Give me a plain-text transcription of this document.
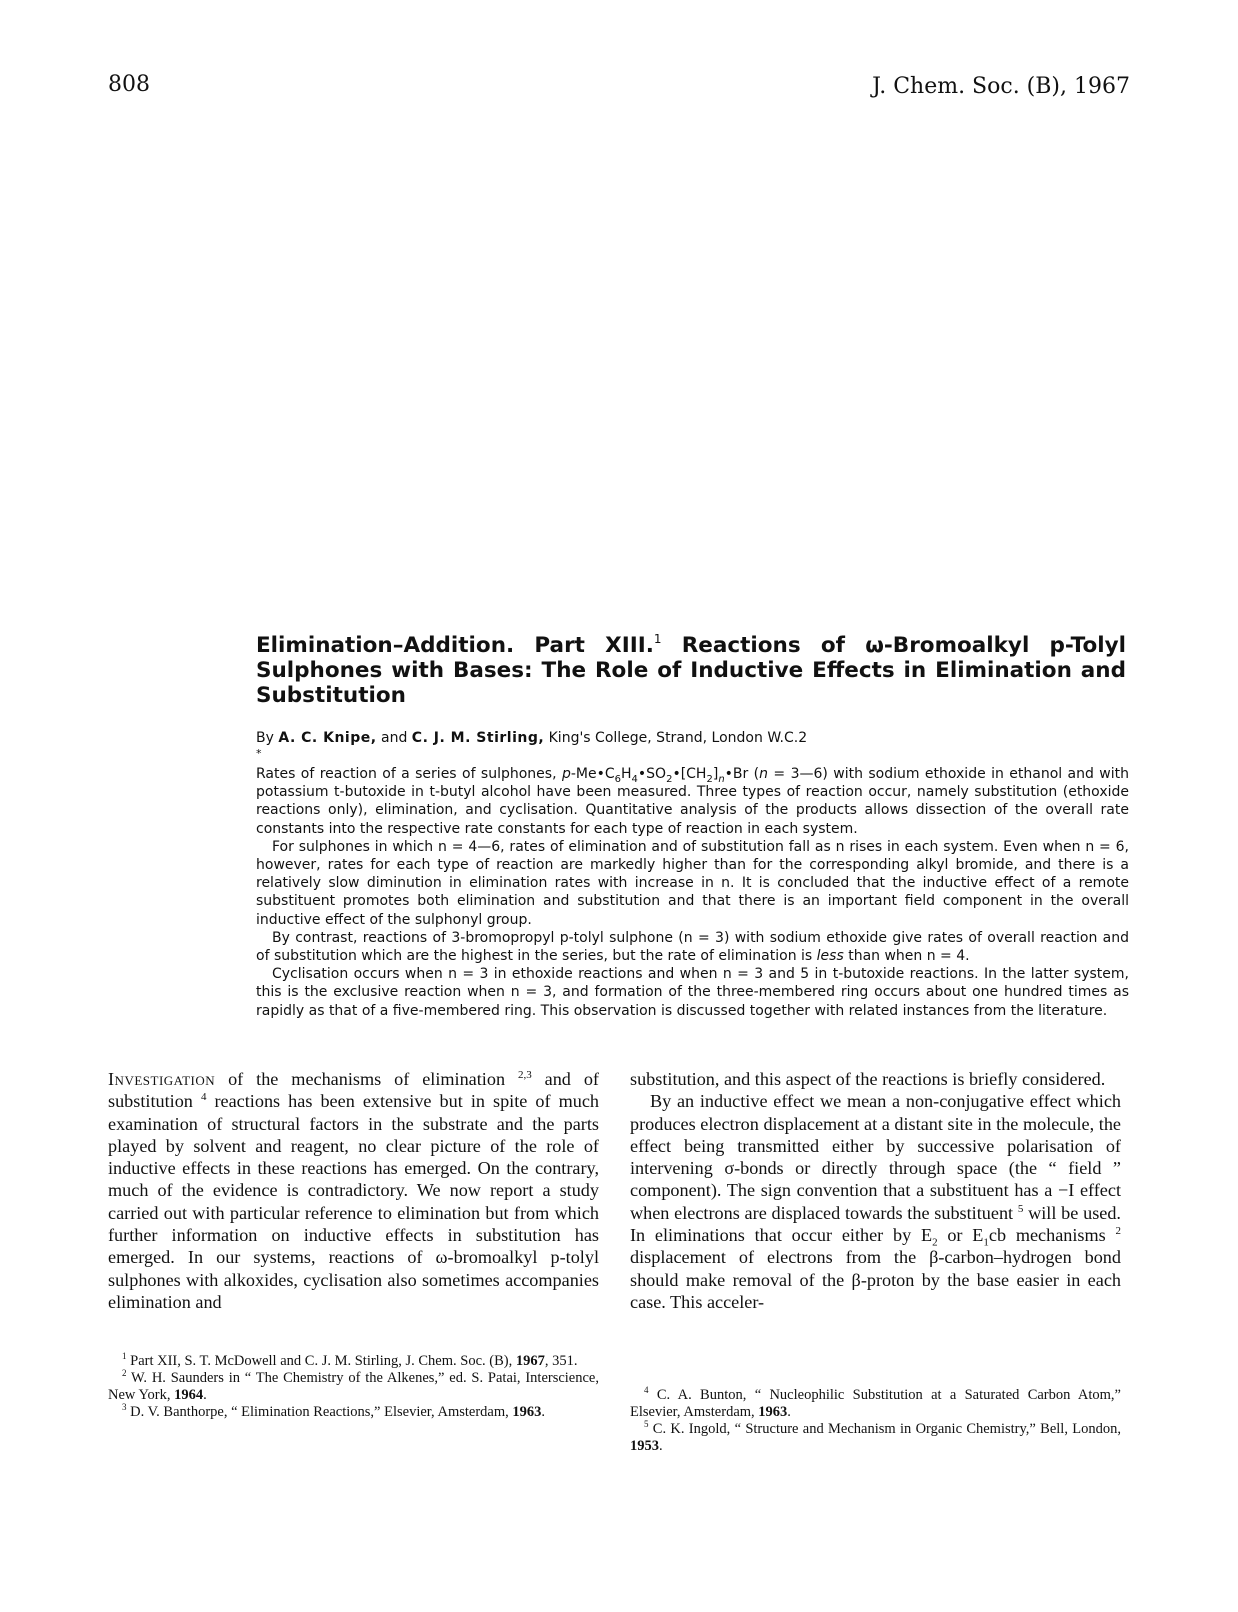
808	J. Chem. Soc. (B), 1967
Elimination–Addition. Part XIII.$^1$ Reactions of ω-Bromoalkyl p-Tolyl Sulphones with Bases: The Role of Inductive Effects in Elimination and Substitution
By A. C. Knipe, and C. J. M. Stirling, King's College, Strand, London W.C.2
*

Rates of reaction of a series of sulphones, $p-Me•C_6H_4•SO_2•[CH_2]_n•Br$ (n = 3—6) with sodium ethoxide in ethanol and with potassium t-butoxide in t-butyl alcohol have been measured. Three types of reaction occur, namely substitution (ethoxide reactions only), elimination, and cyclisation. Quantitative analysis of the products allows dissection of the overall rate constants into the respective rate constants for each type of reaction in each system.

For sulphones in which n = 4—6, rates of elimination and of substitution fall as n rises in each system. Even when n = 6, however, rates for each type of reaction are markedly higher than for the corresponding alkyl bromide, and there is a relatively slow diminution in elimination rates with increase in n. It is concluded that the inductive effect of a remote substituent promotes both elimination and substitution and that there is an important field component in the overall inductive effect of the sulphonyl group.

By contrast, reactions of 3-bromopropyl p-tolyl sulphone (n = 3) with sodium ethoxide give rates of overall reaction and of substitution which are the highest in the series, but the rate of elimination is less than when n = 4.

Cyclisation occurs when n = 3 in ethoxide reactions and when n = 3 and 5 in t-butoxide reactions. In the latter system, this is the exclusive reaction when n = 3, and formation of the three-membered ring occurs about one hundred times as rapidly as that of a five-membered ring. This observation is discussed together with related instances from the literature.

Investigation of the mechanisms of elimination $^{2,3}$ and of substitution $^4$ reactions has been extensive but in spite of much examination of structural factors in the substrate and the parts played by solvent and reagent, no clear picture of the role of inductive effects in these reactions has emerged. On the contrary, much of the evidence is contradictory. We now report a study carried out with particular reference to elimination but from which further information on inductive effects in substitution has emerged. In our systems, reactions of ω-bromoalkyl p-tolyl sulphones with alkoxides, cyclisation also sometimes accompanies elimination and

substitution, and this aspect of the reactions is briefly considered.

By an inductive effect we mean a non-conjugative effect which produces electron displacement at a distant site in the molecule, the effect being transmitted either by successive polarisation of intervening σ-bonds or directly through space (the “ field ” component). The sign convention that a substituent has a −I effect when electrons are displaced towards the substituent $^5$ will be used. In eliminations that occur either by $E_2$ or $E_1cb$ mechanisms $^2$ displacement of electrons from the β-carbon–hydrogen bond should make removal of the β-proton by the base easier in each case. This acceler-

$^1$ Part XII, S. T. McDowell and C. J. M. Stirling, J. Chem. Soc. (B), 1967, 351.

$^2$ W. H. Saunders in “ The Chemistry of the Alkenes,” ed. S. Patai, Interscience, New York, 1964.

$^3$ D. V. Banthorpe, “ Elimination Reactions,” Elsevier, Amsterdam, 1963.

$^4$ C. A. Bunton, “ Nucleophilic Substitution at a Saturated Carbon Atom,” Elsevier, Amsterdam, 1963.

$^5$ C. K. Ingold, “ Structure and Mechanism in Organic Chemistry,” Bell, London, 1953.
